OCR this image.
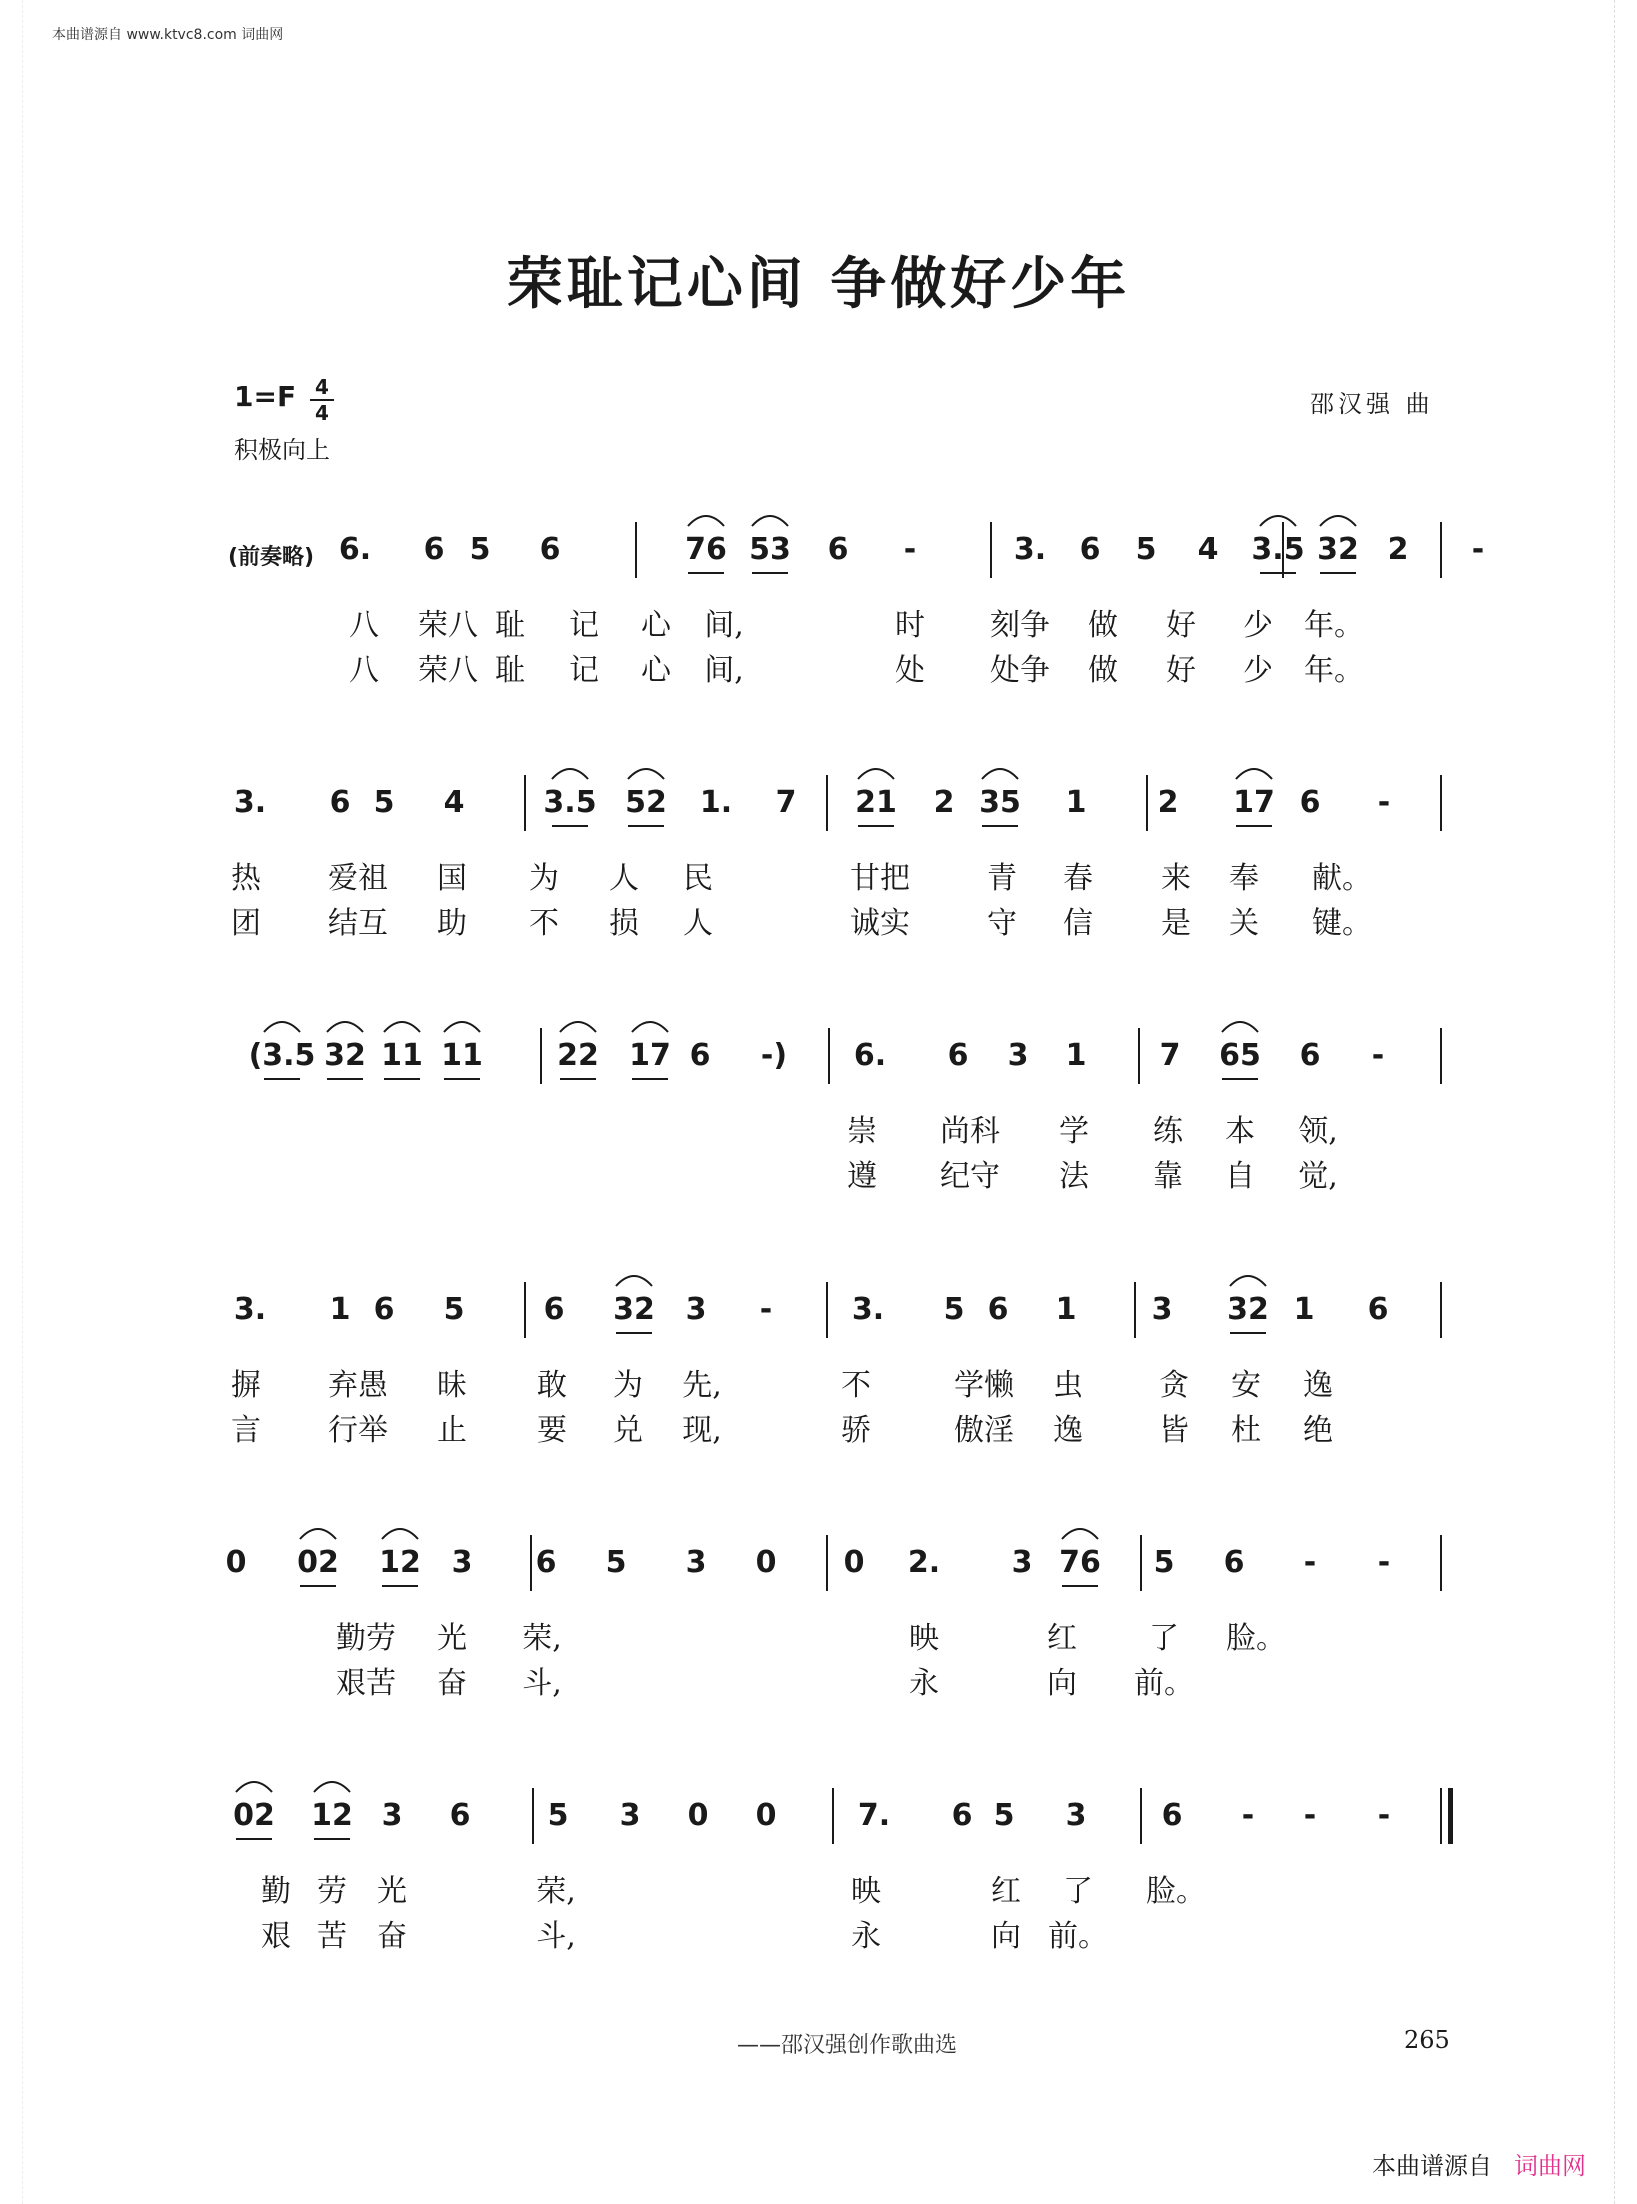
本曲谱源自 www.ktvc8.com 词曲网
荣耻记心间 争做好少年
1=F 4
4
积极向上
邵汉强 曲
(前奏略) 6. 6 5 6	76 53 6 -	3. 6 5 4 3.5 32 2 -
八 荣八 耻 记 心 间,	时 刻争 做 好 少 年。
八 荣八 耻 记 心 间,	处 处争 做 好 少 年。
3. 6 5 4	3.5 52 1. 7 21 2 35 1 2 17 6 -
热 爱祖 国 为 人 民	甘把	青 春 来 奉 献。
团 结互 助 不 损 人	诚实	守 信 是 关 键。
(3.5 32 11 11 22 17 6 -) 6. 6 3 1 7 65 6 -
崇 尚科 学 练 本 领,
遵 纪守 法 靠 自 觉,
3. 1 6 5	6 32 3 -	3. 5 6 1	3 32 1 6
摒 弃愚 昧 敢 为 先,	不	学懒 虫	贪 安 逸
言 行举 止 要 兑 现,	骄	傲淫 逸	皆 杜 绝
0 02 12 3 6 5 3 0 0 2. 3 76 5 6 - -
勤劳 光 荣,	映	红 了 脸。
艰苦 奋 斗,	永	向 前。
02 12 3 6	5 3 0 0	7. 6 5 3	6 - - -
勤 劳 光	荣,	映	红 了 脸。
艰 苦 奋	斗,	永	向 前。
——邵汉强创作歌曲选	265
本曲谱源自 词曲网
